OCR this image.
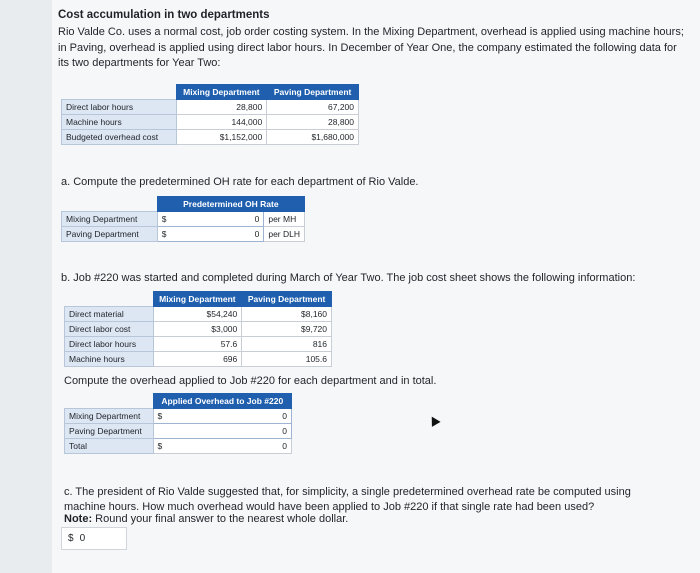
Cost accumulation in two departments
Rio Valde Co. uses a normal cost, job order costing system. In the Mixing Department, overhead is applied using machine hours; in Paving, overhead is applied using direct labor hours. In December of Year One, the company estimated the following data for its two departments for Year Two:
	Mixing Department	Paving Department
Direct labor hours	28,800	67,200
Machine hours	144,000	28,800
Budgeted overhead cost	$1,152,000	$1,680,000
a. Compute the predetermined OH rate for each department of Rio Valde.
	Predetermined OH Rate	
Mixing Department	$ 0	per MH
Paving Department	$ 0	per DLH
b. Job #220 was started and completed during March of Year Two. The job cost sheet shows the following information:
	Mixing Department	Paving Department
Direct material	$54,240	$8,160
Direct labor cost	$3,000	$9,720
Direct labor hours	57.6	816
Machine hours	696	105.6
Compute the overhead applied to Job #220 for each department and in total.
	Applied Overhead to Job #220
Mixing Department	$ 0
Paving Department	0
Total	$ 0
c. The president of Rio Valde suggested that, for simplicity, a single predetermined overhead rate be computed using machine hours. How much overhead would have been applied to Job #220 if that single rate had been used?
Note: Round your final answer to the nearest whole dollar.
$ 0
